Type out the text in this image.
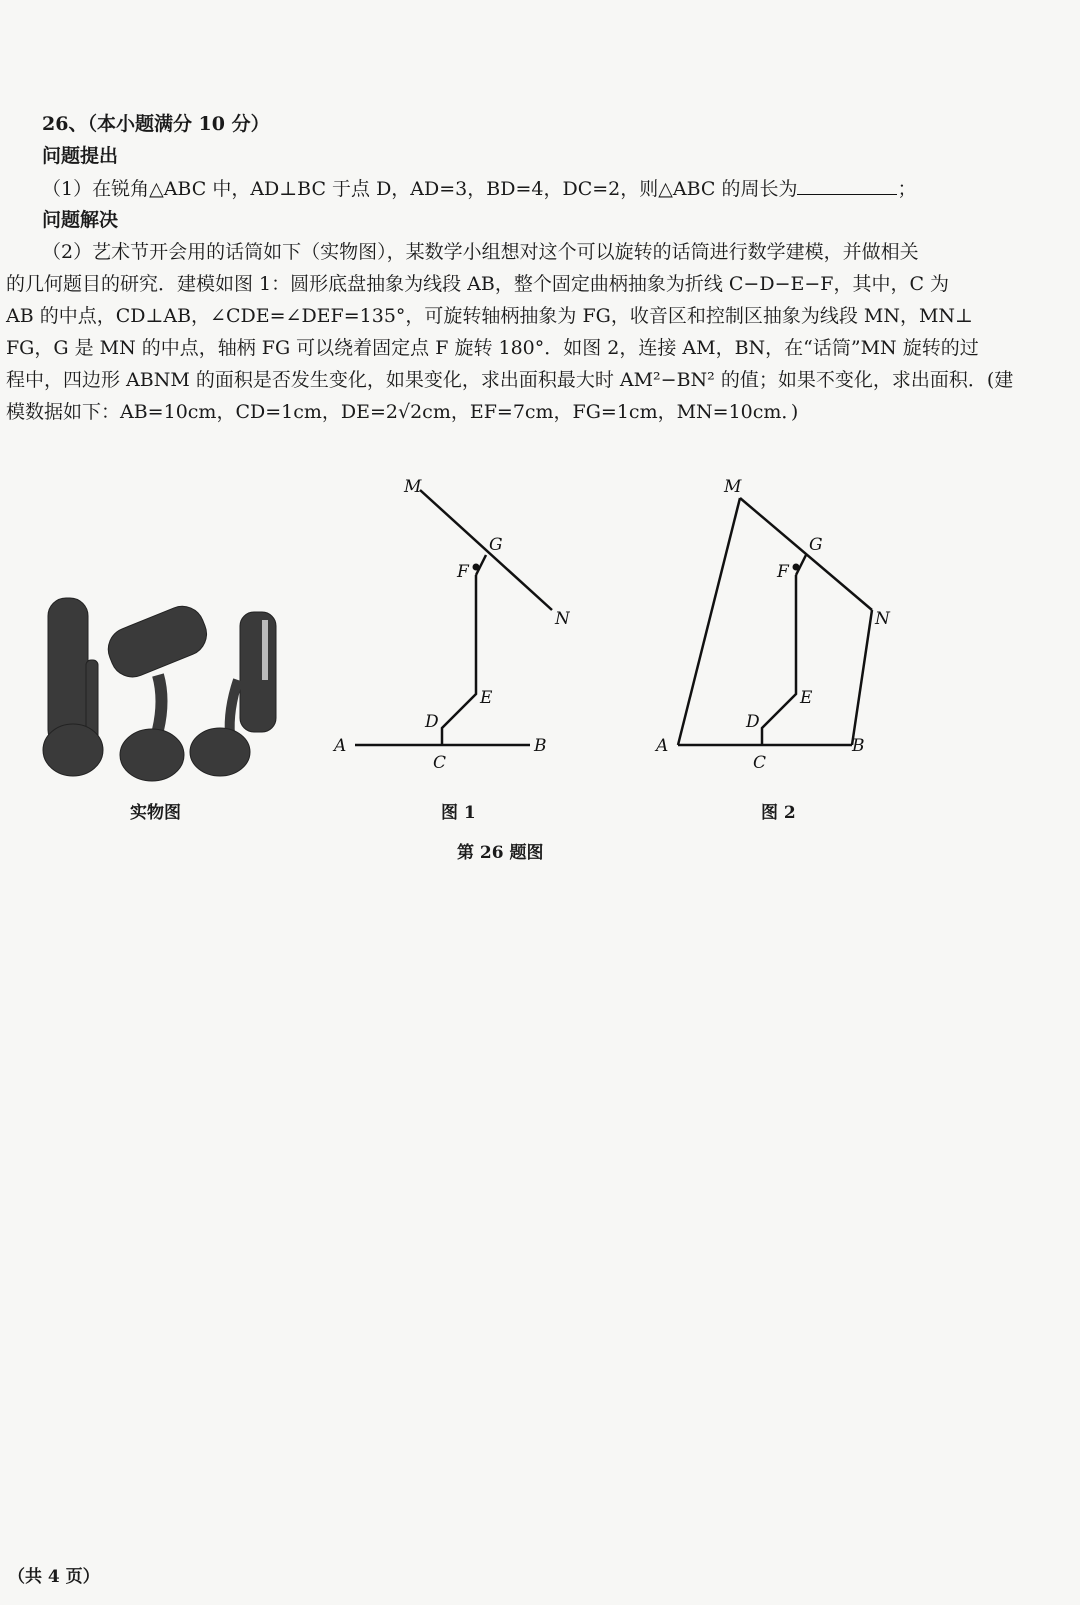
26、（本小题满分 10 分）
问题提出
（1）在锐角△ABC 中，AD⊥BC 于点 D，AD=3，BD=4，DC=2，则△ABC 的周长为	；
问题解决
（2）艺术节开会用的话筒如下（实物图），某数学小组想对这个可以旋转的话筒进行数学建模，并做相关
的几何题目的研究．建模如图 1：圆形底盘抽象为线段 AB，整个固定曲柄抽象为折线 C−D−E−F，其中，C 为
AB 的中点，CD⊥AB，∠CDE=∠DEF=135°，可旋转轴柄抽象为 FG，收音区和控制区抽象为线段 MN，MN⊥
FG，G 是 MN 的中点，轴柄 FG 可以绕着固定点 F 旋转 180°．如图 2，连接 AM，BN，在“话筒”MN 旋转的过
程中，四边形 ABNM 的面积是否发生变化，如果变化，求出面积最大时 AM²−BN² 的值；如果不变化，求出面积．(建
模数据如下：AB=10cm，CD=1cm，DE=2√2cm，EF=7cm，FG=1cm，MN=10cm．)
A	B
C
D
E
F
G
M
N
A	B
C
D
E
F
G
M
N
实物图	图 1	图 2
第 26 题图
（共 4 页）
